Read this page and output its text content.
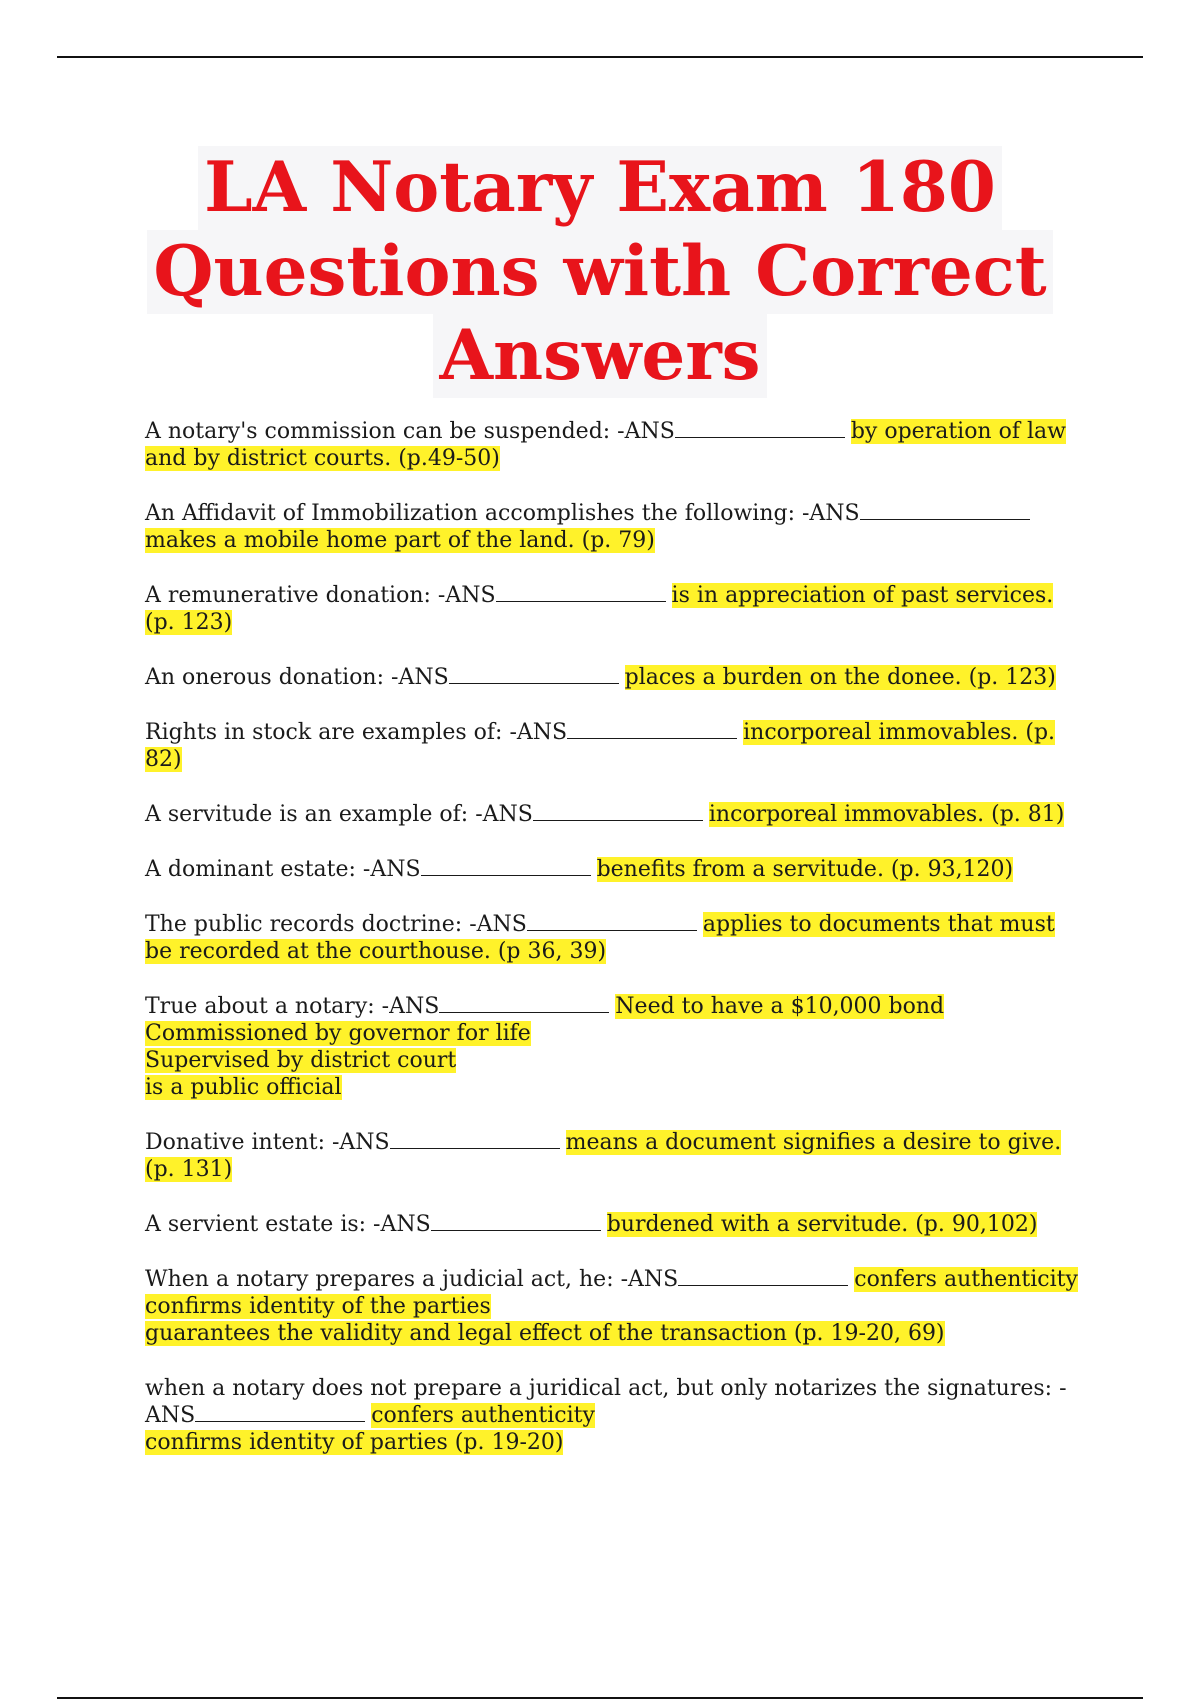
LA Notary Exam 180
Questions with Correct
Answers
A notary's commission can be suspended: -ANS	by operation of law and by district courts. (p.49-50)
An Affidavit of Immobilization accomplishes the following: -ANSmakes a mobile home part of the land. (p. 79)
A remunerative donation: -ANS	is in appreciation of past services. (p. 123)
An onerous donation: -ANS	places a burden on the donee. (p. 123)
Rights in stock are examples of: -ANS	incorporeal immovables. (p. 82)
A servitude is an example of: -ANS	incorporeal immovables. (p. 81)
A dominant estate: -ANS	benefits from a servitude. (p. 93,120)
The public records doctrine: -ANS	applies to documents that must be recorded at the courthouse. (p 36, 39)
True about a notary: -ANS	Need to have a $10,000 bond
Commissioned by governor for life
Supervised by district court
is a public official
Donative intent: -ANS	means a document signifies a desire to give. (p. 131)
A servient estate is: -ANS	burdened with a servitude. (p. 90,102)
When a notary prepares a judicial act, he: -ANS	confers authenticity
confirms identity of the parties
guarantees the validity and legal effect of the transaction (p. 19-20, 69)
when a notary does not prepare a juridical act, but only notarizes the signatures: -ANS	confers authenticity
confirms identity of parties (p. 19-20)
